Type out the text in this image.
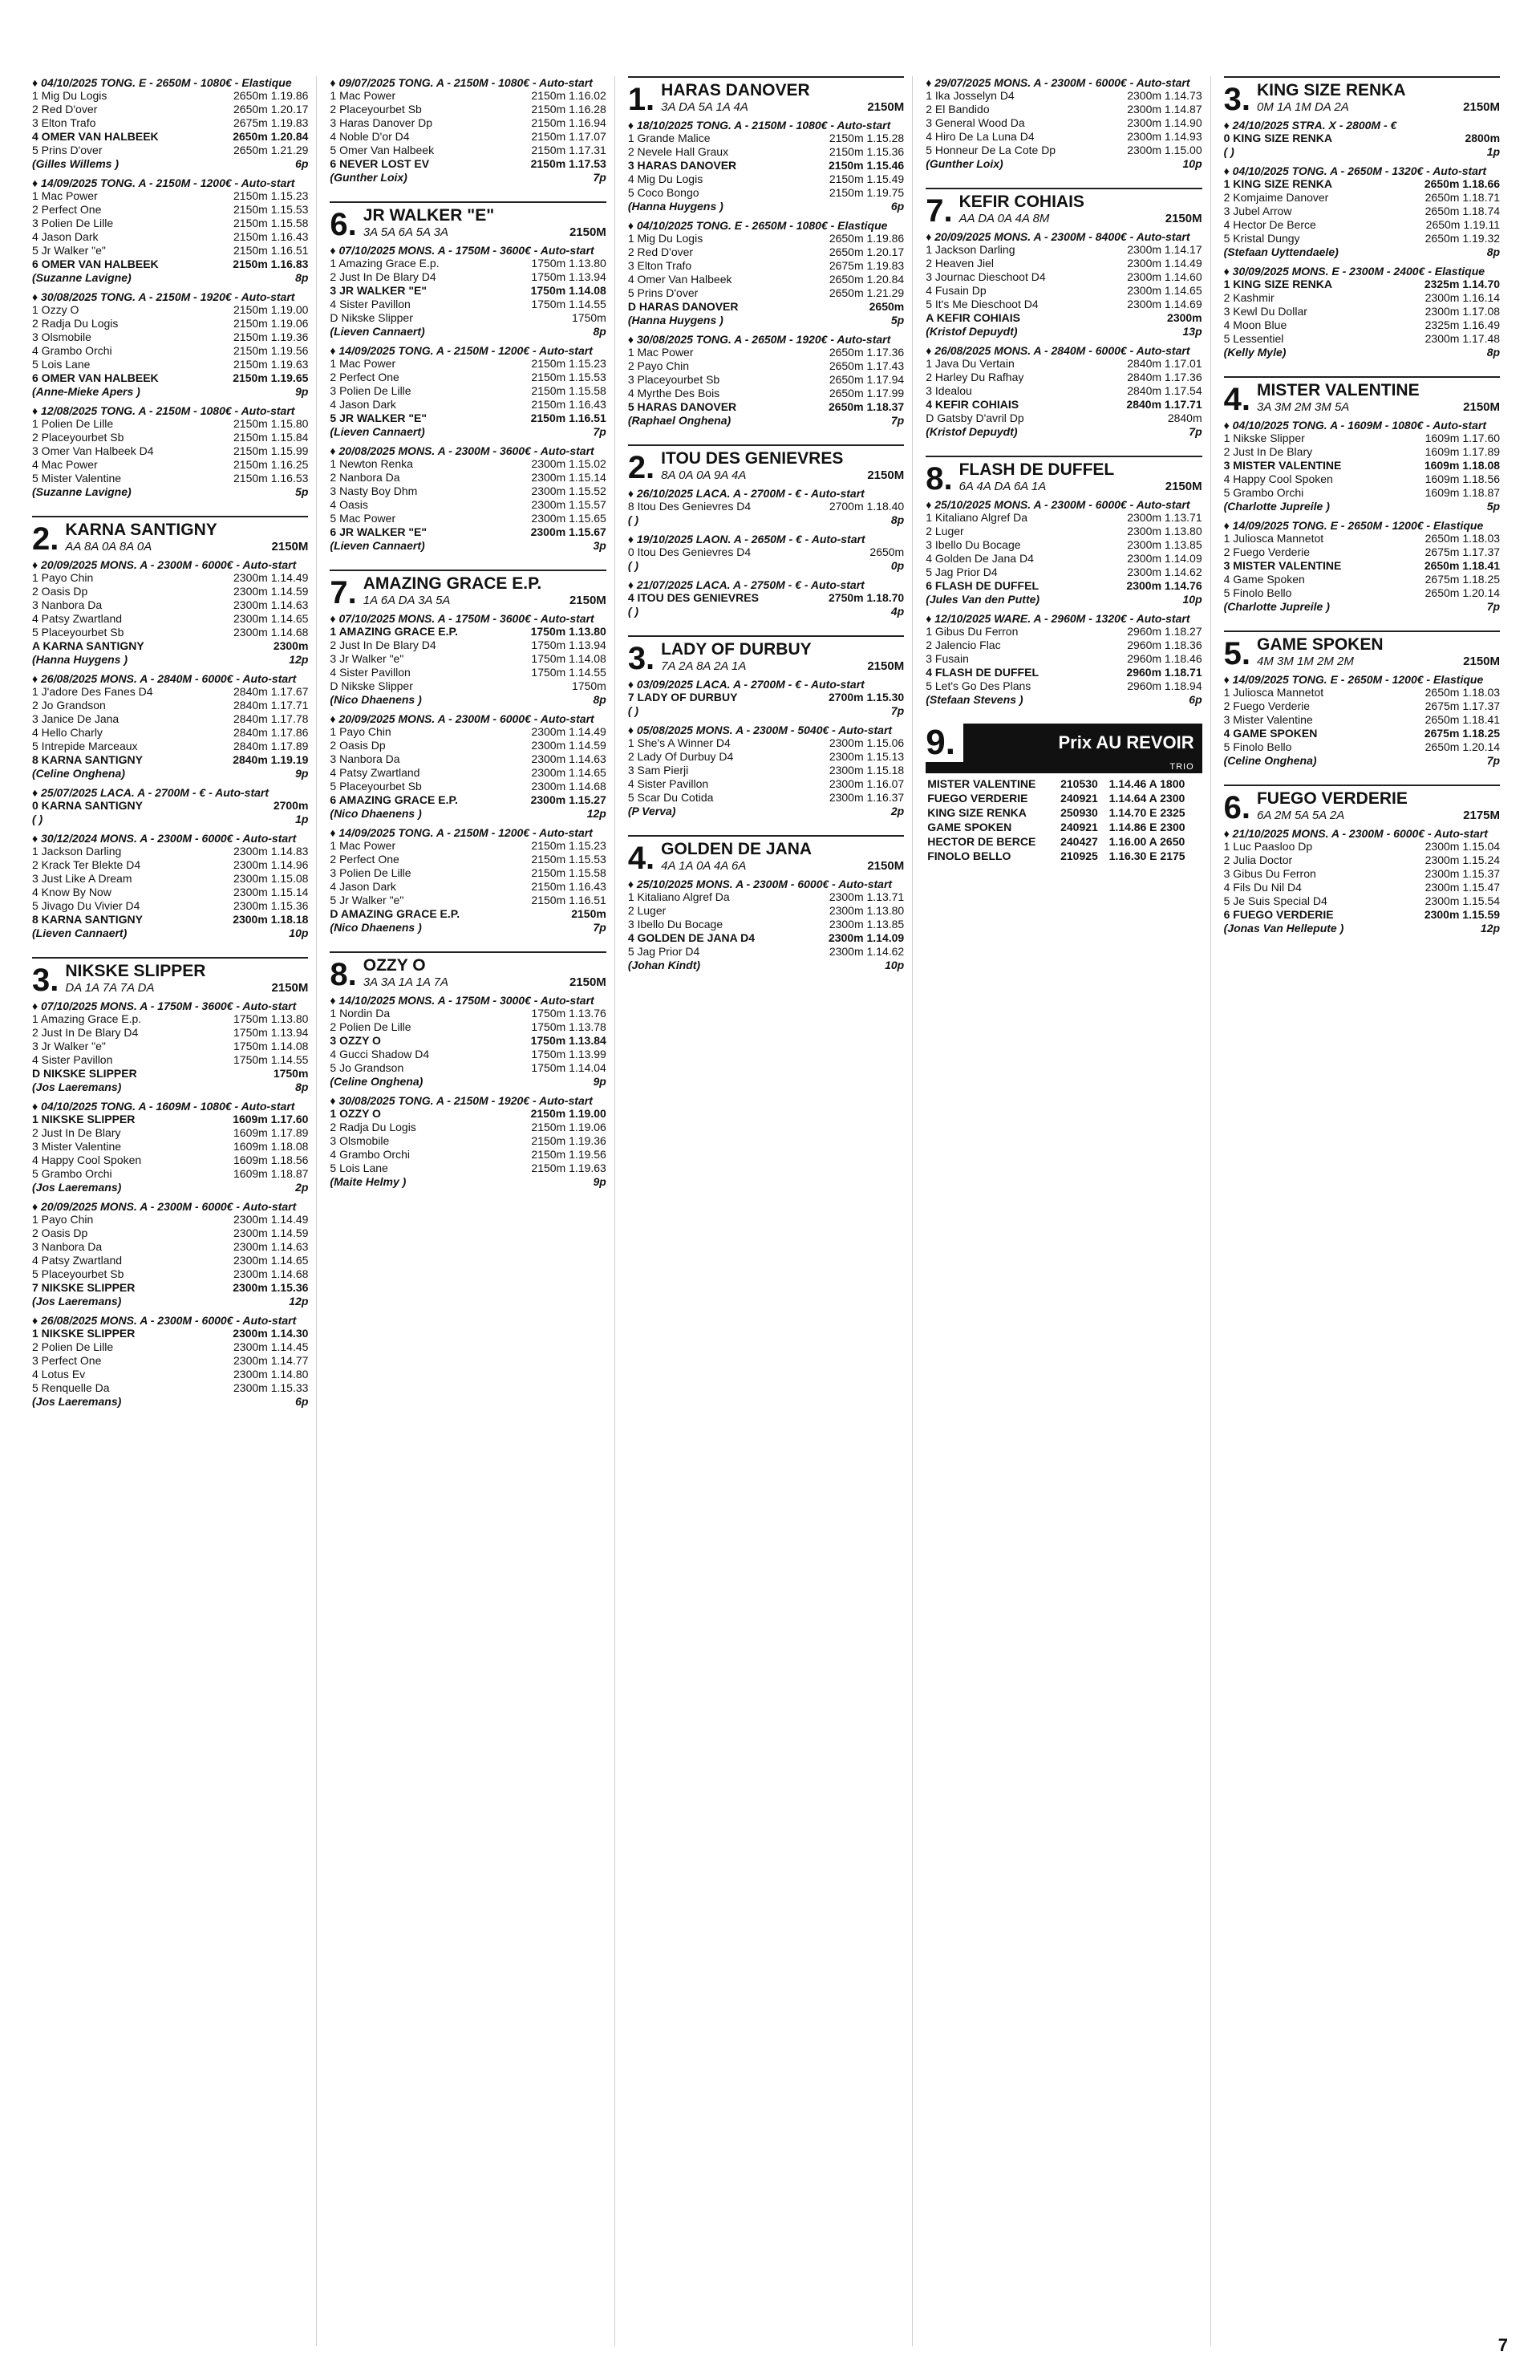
♦ 04/10/2025 TONG. E - 2650M - 1080€ - Elastique
1 Mig Du Logis	2650m 1.19.86
2 Red D'over	2650m 1.20.17
3 Elton Trafo	2675m 1.19.83
4 OMER VAN HALBEEK	2650m 1.20.84
5 Prins D'over	2650m 1.21.29
(Gilles Willems )	6p
♦ 14/09/2025 TONG. A - 2150M - 1200€ - Auto-start
1 Mac Power	2150m 1.15.23
2 Perfect One	2150m 1.15.53
3 Polien De Lille	2150m 1.15.58
4 Jason Dark	2150m 1.16.43
5 Jr Walker "e"	2150m 1.16.51
6 OMER VAN HALBEEK	2150m 1.16.83
(Suzanne Lavigne)	8p
♦ 30/08/2025 TONG. A - 2150M - 1920€ - Auto-start
1 Ozzy O	2150m 1.19.00
2 Radja Du Logis	2150m 1.19.06
3 Olsmobile	2150m 1.19.36
4 Grambo Orchi	2150m 1.19.56
5 Lois Lane	2150m 1.19.63
6 OMER VAN HALBEEK	2150m 1.19.65
(Anne-Mieke Apers )	9p
♦ 12/08/2025 TONG. A - 2150M - 1080€ - Auto-start
1 Polien De Lille	2150m 1.15.80
2 Placeyourbet Sb	2150m 1.15.84
3 Omer Van Halbeek D4	2150m 1.15.99
4 Mac Power	2150m 1.16.25
5 Mister Valentine	2150m 1.16.53
(Suzanne Lavigne)	5p
2. KARNA SANTIGNY
AA 8A 0A 8A 0A	2150M
♦ 20/09/2025 MONS. A - 2300M - 6000€ - Auto-start
1 Payo Chin	2300m 1.14.49
2 Oasis Dp	2300m 1.14.59
3 Nanbora Da	2300m 1.14.63
4 Patsy Zwartland	2300m 1.14.65
5 Placeyourbet Sb	2300m 1.14.68
A KARNA SANTIGNY	2300m
(Hanna Huygens )	12p
♦ 26/08/2025 MONS. A - 2840M - 6000€ - Auto-start
1 J'adore Des Fanes D4	2840m 1.17.67
2 Jo Grandson	2840m 1.17.71
3 Janice De Jana	2840m 1.17.78
4 Hello Charly	2840m 1.17.86
5 Intrepide Marceaux	2840m 1.17.89
8 KARNA SANTIGNY	2840m 1.19.19
(Celine Onghena)	9p
♦ 25/07/2025 LACA. A - 2700M - € - Auto-start
0 KARNA SANTIGNY	2700m
( )	1p
♦ 30/12/2024 MONS. A - 2300M - 6000€ - Auto-start
1 Jackson Darling	2300m 1.14.83
2 Krack Ter Blekte D4	2300m 1.14.96
3 Just Like A Dream	2300m 1.15.08
4 Know By Now	2300m 1.15.14
5 Jivago Du Vivier D4	2300m 1.15.36
8 KARNA SANTIGNY	2300m 1.18.18
(Lieven Cannaert)	10p
3. NIKSKE SLIPPER
DA 1A 7A 7A DA	2150M
♦ 07/10/2025 MONS. A - 1750M - 3600€ - Auto-start
1 Amazing Grace E.p.	1750m 1.13.80
2 Just In De Blary D4	1750m 1.13.94
3 Jr Walker "e"	1750m 1.14.08
4 Sister Pavillon	1750m 1.14.55
D NIKSKE SLIPPER	1750m
(Jos Laeremans)	8p
♦ 04/10/2025 TONG. A - 1609M - 1080€ - Auto-start
1 NIKSKE SLIPPER	1609m 1.17.60
2 Just In De Blary	1609m 1.17.89
3 Mister Valentine	1609m 1.18.08
4 Happy Cool Spoken	1609m 1.18.56
5 Grambo Orchi	1609m 1.18.87
(Jos Laeremans)	2p
♦ 20/09/2025 MONS. A - 2300M - 6000€ - Auto-start
1 Payo Chin	2300m 1.14.49
2 Oasis Dp	2300m 1.14.59
3 Nanbora Da	2300m 1.14.63
4 Patsy Zwartland	2300m 1.14.65
5 Placeyourbet Sb	2300m 1.14.68
7 NIKSKE SLIPPER	2300m 1.15.36
(Jos Laeremans)	12p
♦ 26/08/2025 MONS. A - 2300M - 6000€ - Auto-start
1 NIKSKE SLIPPER	2300m 1.14.30
2 Polien De Lille	2300m 1.14.45
3 Perfect One	2300m 1.14.77
4 Lotus Ev	2300m 1.14.80
5 Renquelle Da	2300m 1.15.33
(Jos Laeremans)	6p
♦ 09/07/2025 TONG. A - 2150M - 1080€ - Auto-start
1 Mac Power	2150m 1.16.02
2 Placeyourbet Sb	2150m 1.16.28
3 Haras Danover Dp	2150m 1.16.94
4 Noble D'or D4	2150m 1.17.07
5 Omer Van Halbeek	2150m 1.17.31
6 NEVER LOST EV	2150m 1.17.53
(Gunther Loix)	7p
6. JR WALKER "E"
3A 5A 6A 5A 3A	2150M
♦ 07/10/2025 MONS. A - 1750M - 3600€ - Auto-start
1 Amazing Grace E.p.	1750m 1.13.80
2 Just In De Blary D4	1750m 1.13.94
3 JR WALKER "E"	1750m 1.14.08
4 Sister Pavillon	1750m 1.14.55
D Nikske Slipper	1750m
(Lieven Cannaert)	8p
♦ 14/09/2025 TONG. A - 2150M - 1200€ - Auto-start
1 Mac Power	2150m 1.15.23
2 Perfect One	2150m 1.15.53
3 Polien De Lille	2150m 1.15.58
4 Jason Dark	2150m 1.16.43
5 JR WALKER "E"	2150m 1.16.51
(Lieven Cannaert)	7p
♦ 20/08/2025 MONS. A - 2300M - 3600€ - Auto-start
1 Newton Renka	2300m 1.15.02
2 Nanbora Da	2300m 1.15.14
3 Nasty Boy Dhm	2300m 1.15.52
4 Oasis	2300m 1.15.57
5 Mac Power	2300m 1.15.65
6 JR WALKER "E"	2300m 1.15.67
(Lieven Cannaert)	3p
7. AMAZING GRACE E.P.
1A 6A DA 3A 5A	2150M
♦ 07/10/2025 MONS. A - 1750M - 3600€ - Auto-start
1 AMAZING GRACE E.P.	1750m 1.13.80
2 Just In De Blary D4	1750m 1.13.94
3 Jr Walker "e"	1750m 1.14.08
4 Sister Pavillon	1750m 1.14.55
D Nikske Slipper	1750m
(Nico Dhaenens )	8p
♦ 20/09/2025 MONS. A - 2300M - 6000€ - Auto-start
1 Payo Chin	2300m 1.14.49
2 Oasis Dp	2300m 1.14.59
3 Nanbora Da	2300m 1.14.63
4 Patsy Zwartland	2300m 1.14.65
5 Placeyourbet Sb	2300m 1.14.68
6 AMAZING GRACE E.P.	2300m 1.15.27
(Nico Dhaenens )	12p
♦ 14/09/2025 TONG. A - 2150M - 1200€ - Auto-start
1 Mac Power	2150m 1.15.23
2 Perfect One	2150m 1.15.53
3 Polien De Lille	2150m 1.15.58
4 Jason Dark	2150m 1.16.43
5 Jr Walker "e"	2150m 1.16.51
D AMAZING GRACE E.P.	2150m
(Nico Dhaenens )	7p
8. OZZY O
3A 3A 1A 1A 7A	2150M
♦ 14/10/2025 MONS. A - 1750M - 3000€ - Auto-start
1 Nordin Da	1750m 1.13.76
2 Polien De Lille	1750m 1.13.78
3 OZZY O	1750m 1.13.84
4 Gucci Shadow D4	1750m 1.13.99
5 Jo Grandson	1750m 1.14.04
(Celine Onghena)	9p
♦ 30/08/2025 TONG. A - 2150M - 1920€ - Auto-start
1 OZZY O	2150m 1.19.00
2 Radja Du Logis	2150m 1.19.06
3 Olsmobile	2150m 1.19.36
4 Grambo Orchi	2150m 1.19.56
5 Lois Lane	2150m 1.19.63
(Maite Helmy )	9p
1. HARAS DANOVER
3A DA 5A 1A 4A	2150M
♦ 18/10/2025 TONG. A - 2150M - 1080€ - Auto-start
1 Grande Malice	2150m 1.15.28
2 Nevele Hall Graux	2150m 1.15.36
3 HARAS DANOVER	2150m 1.15.46
4 Mig Du Logis	2150m 1.15.49
5 Coco Bongo	2150m 1.19.75
(Hanna Huygens )	6p
♦ 04/10/2025 TONG. E - 2650M - 1080€ - Elastique
1 Mig Du Logis	2650m 1.19.86
2 Red D'over	2650m 1.20.17
3 Elton Trafo	2675m 1.19.83
4 Omer Van Halbeek	2650m 1.20.84
5 Prins D'over	2650m 1.21.29
D HARAS DANOVER	2650m
(Hanna Huygens )	5p
♦ 30/08/2025 TONG. A - 2650M - 1920€ - Auto-start
1 Mac Power	2650m 1.17.36
2 Payo Chin	2650m 1.17.43
3 Placeyourbet Sb	2650m 1.17.94
4 Myrthe Des Bois	2650m 1.17.99
5 HARAS DANOVER	2650m 1.18.37
(Raphael Onghena)	7p
2. ITOU DES GENIEVRES
8A 0A 0A 9A 4A	2150M
♦ 26/10/2025 LACA. A - 2700M - € - Auto-start
8 Itou Des Genievres D4	2700m 1.18.40
( )	8p
♦ 19/10/2025 LAON. A - 2650M - € - Auto-start
0 Itou Des Genievres D4	2650m
( )	0p
♦ 21/07/2025 LACA. A - 2750M - € - Auto-start
4 ITOU DES GENIEVRES	2750m 1.18.70
( )	4p
3. LADY OF DURBUY
7A 2A 8A 2A 1A	2150M
♦ 03/09/2025 LACA. A - 2700M - € - Auto-start
7 LADY OF DURBUY	2700m 1.15.30
( )	7p
♦ 05/08/2025 MONS. A - 2300M - 5040€ - Auto-start
1 She's A Winner D4	2300m 1.15.06
2 Lady Of Durbuy D4	2300m 1.15.13
3 Sam Pierji	2300m 1.15.18
4 Sister Pavillon	2300m 1.16.07
5 Scar Du Cotida	2300m 1.16.37
(P Verva)	2p
4. GOLDEN DE JANA
4A 1A 0A 4A 6A	2150M
♦ 25/10/2025 MONS. A - 2300M - 6000€ - Auto-start
1 Kitaliano Algref Da	2300m 1.13.71
2 Luger	2300m 1.13.80
3 Ibello Du Bocage	2300m 1.13.85
4 GOLDEN DE JANA D4	2300m 1.14.09
5 Jag Prior D4	2300m 1.14.62
(Johan Kindt)	10p
♦ 29/07/2025 MONS. A - 2300M - 6000€ - Auto-start
1 Ika Josselyn D4	2300m 1.14.73
2 El Bandido	2300m 1.14.87
3 General Wood Da	2300m 1.14.90
4 Hiro De La Luna D4	2300m 1.14.93
5 Honneur De La Cote Dp	2300m 1.15.00
(Gunther Loix)	10p
7. KEFIR COHIAIS
AA DA 0A 4A 8M	2150M
♦ 20/09/2025 MONS. A - 2300M - 8400€ - Auto-start
1 Jackson Darling	2300m 1.14.17
2 Heaven Jiel	2300m 1.14.49
3 Journac Dieschoot D4	2300m 1.14.60
4 Fusain Dp	2300m 1.14.65
5 It's Me Dieschoot D4	2300m 1.14.69
A KEFIR COHIAIS	2300m
(Kristof Depuydt)	13p
♦ 26/08/2025 MONS. A - 2840M - 6000€ - Auto-start
1 Java Du Vertain	2840m 1.17.01
2 Harley Du Rafhay	2840m 1.17.36
3 Idealou	2840m 1.17.54
4 KEFIR COHIAIS	2840m 1.17.71
D Gatsby D'avril Dp	2840m
(Kristof Depuydt)	7p
8. FLASH DE DUFFEL
6A 4A DA 6A 1A	2150M
♦ 25/10/2025 MONS. A - 2300M - 6000€ - Auto-start
1 Kitaliano Algref Da	2300m 1.13.71
2 Luger	2300m 1.13.80
3 Ibello Du Bocage	2300m 1.13.85
4 Golden De Jana D4	2300m 1.14.09
5 Jag Prior D4	2300m 1.14.62
6 FLASH DE DUFFEL	2300m 1.14.76
(Jules Van den Putte)	10p
♦ 12/10/2025 WARE. A - 2960M - 1320€ - Auto-start
1 Gibus Du Ferron	2960m 1.18.27
2 Jalencio Flac	2960m 1.18.36
3 Fusain	2960m 1.18.46
4 FLASH DE DUFFEL	2960m 1.18.71
5 Let's Go Des Plans	2960m 1.18.94
(Stefaan Stevens )	6p
9.	Prix AU REVOIR
TRIO
MISTER VALENTINE	210530	1.14.46 A 1800
FUEGO VERDERIE	240921	1.14.64 A 2300
KING SIZE RENKA	250930	1.14.70 E 2325
GAME SPOKEN	240921	1.14.86 E 2300
HECTOR DE BERCE	240427	1.16.00 A 2650
FINOLO BELLO	210925	1.16.30 E 2175
3. KING SIZE RENKA
0M 1A 1M DA 2A	2150M
♦ 24/10/2025 STRA. X - 2800M - €
0 KING SIZE RENKA	2800m
( )	1p
♦ 04/10/2025 TONG. A - 2650M - 1320€ - Auto-start
1 KING SIZE RENKA	2650m 1.18.66
2 Komjaime Danover	2650m 1.18.71
3 Jubel Arrow	2650m 1.18.74
4 Hector De Berce	2650m 1.19.11
5 Kristal Dungy	2650m 1.19.32
(Stefaan Uyttendaele)	8p
♦ 30/09/2025 MONS. E - 2300M - 2400€ - Elastique
1 KING SIZE RENKA	2325m 1.14.70
2 Kashmir	2300m 1.16.14
3 Kewl Du Dollar	2300m 1.17.08
4 Moon Blue	2325m 1.16.49
5 Lessentiel	2300m 1.17.48
(Kelly Myle)	8p
4. MISTER VALENTINE
3A 3M 2M 3M 5A	2150M
♦ 04/10/2025 TONG. A - 1609M - 1080€ - Auto-start
1 Nikske Slipper	1609m 1.17.60
2 Just In De Blary	1609m 1.17.89
3 MISTER VALENTINE	1609m 1.18.08
4 Happy Cool Spoken	1609m 1.18.56
5 Grambo Orchi	1609m 1.18.87
(Charlotte Jupreile )	5p
♦ 14/09/2025 TONG. E - 2650M - 1200€ - Elastique
1 Juliosca Mannetot	2650m 1.18.03
2 Fuego Verderie	2675m 1.17.37
3 MISTER VALENTINE	2650m 1.18.41
4 Game Spoken	2675m 1.18.25
5 Finolo Bello	2650m 1.20.14
(Charlotte Jupreile )	7p
5. GAME SPOKEN
4M 3M 1M 2M 2M	2150M
♦ 14/09/2025 TONG. E - 2650M - 1200€ - Elastique
1 Juliosca Mannetot	2650m 1.18.03
2 Fuego Verderie	2675m 1.17.37
3 Mister Valentine	2650m 1.18.41
4 GAME SPOKEN	2675m 1.18.25
5 Finolo Bello	2650m 1.20.14
(Celine Onghena)	7p
6. FUEGO VERDERIE
6A 2M 5A 5A 2A	2175M
♦ 21/10/2025 MONS. A - 2300M - 6000€ - Auto-start
1 Luc Paasloo Dp	2300m 1.15.04
2 Julia Doctor	2300m 1.15.24
3 Gibus Du Ferron	2300m 1.15.37
4 Fils Du Nil D4	2300m 1.15.47
5 Je Suis Special D4	2300m 1.15.54
6 FUEGO VERDERIE	2300m 1.15.59
(Jonas Van Hellepute )	12p
7
